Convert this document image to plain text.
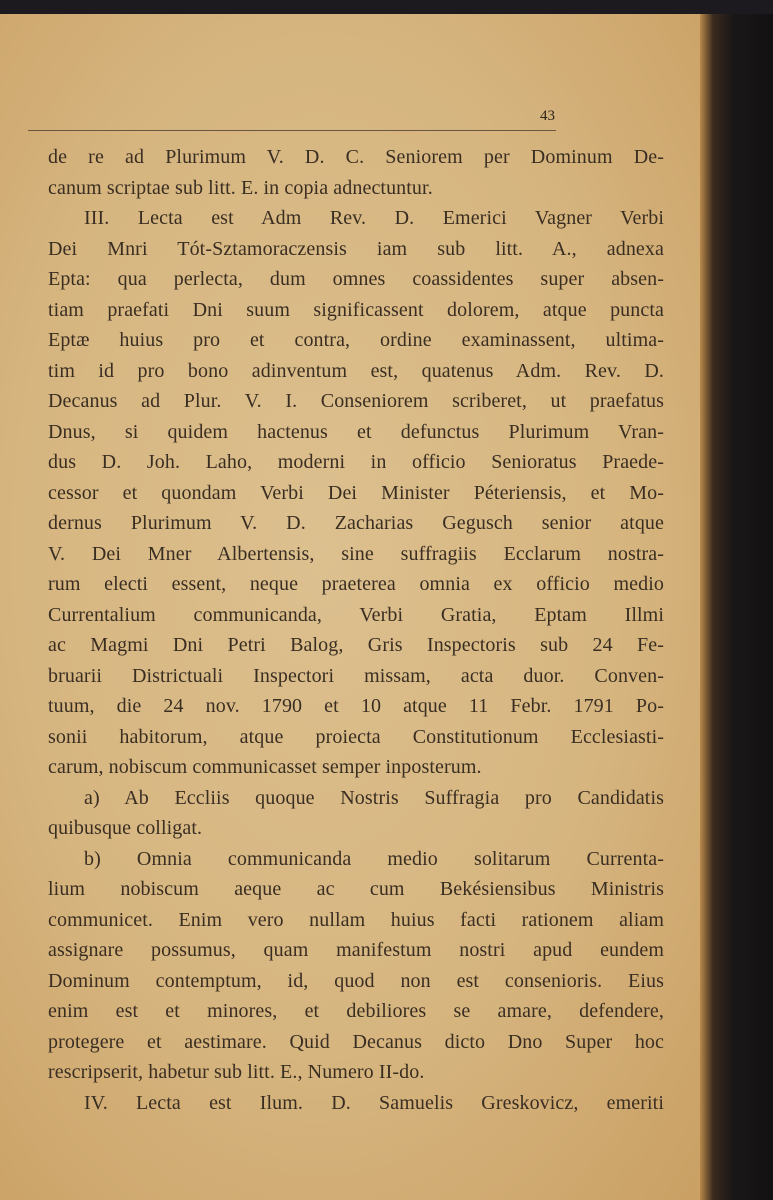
43
de re ad Plurimum V. D. C. Seniorem per Dominum De-
canum scriptae sub litt. E. in copia adnectuntur.
III. Lecta est Adm Rev. D. Emerici Vagner Verbi
Dei Mnri Tót-Sztamoraczensis iam sub litt. A., adnexa
Epta: qua perlecta, dum omnes coassidentes super absen-
tiam praefati Dni suum significassent dolorem, atque puncta
Eptæ huius pro et contra, ordine examinassent, ultima-
tim id pro bono adinventum est, quatenus Adm. Rev. D.
Decanus ad Plur. V. I. Conseniorem scriberet, ut praefatus
Dnus, si quidem hactenus et defunctus Plurimum Vran-
dus D. Joh. Laho, moderni in officio Senioratus Praede-
cessor et quondam Verbi Dei Minister Péteriensis, et Mo-
dernus Plurimum V. D. Zacharias Gegusch senior atque
V. Dei Mner Albertensis, sine suffragiis Ecclarum nostra-
rum electi essent, neque praeterea omnia ex officio medio
Currentalium communicanda, Verbi Gratia, Eptam Illmi
ac Magmi Dni Petri Balog, Gris Inspectoris sub 24 Fe-
bruarii Districtuali Inspectori missam, acta duor. Conven-
tuum, die 24 nov. 1790 et 10 atque 11 Febr. 1791 Po-
sonii habitorum, atque proiecta Constitutionum Ecclesiasti-
carum, nobiscum communicasset semper inposterum.
a) Ab Eccliis quoque Nostris Suffragia pro Candidatis
quibusque colligat.
b) Omnia communicanda medio solitarum Currenta-
lium nobiscum aeque ac cum Bekésiensibus Ministris
communicet. Enim vero nullam huius facti rationem aliam
assignare possumus, quam manifestum nostri apud eundem
Dominum contemptum, id, quod non est consenioris. Eius
enim est et minores, et debiliores se amare, defendere,
protegere et aestimare. Quid Decanus dicto Dno Super hoc
rescripserit, habetur sub litt. E., Numero II-do.
IV. Lecta est Ilum. D. Samuelis Greskovicz, emeriti
